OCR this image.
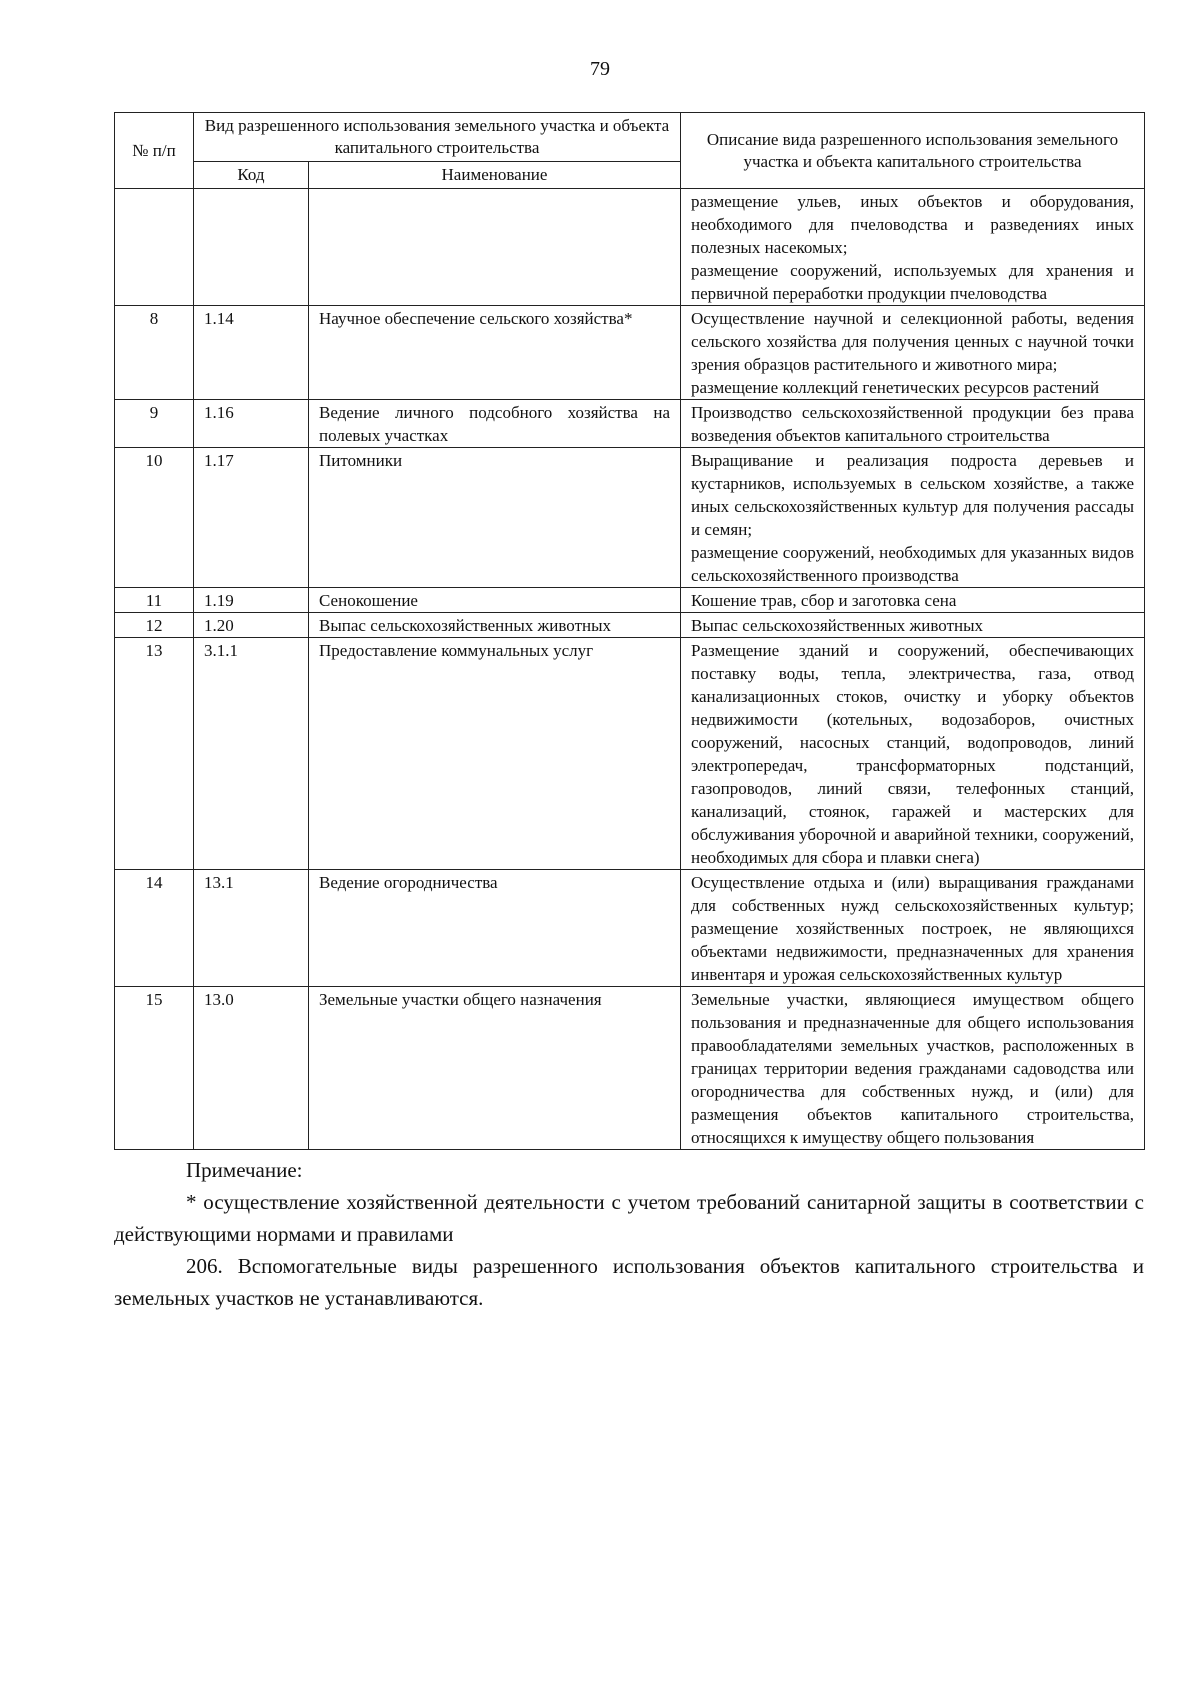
79
№ п/п	Вид разрешенного использования земельного участка и объекта капитального строительства		Описание вида разрешенного использования земельного участка и объекта капитального строительства
	Код	Наименование	

			размещение ульев, иных объектов и оборудования, необходимого для пчеловодства и разведениях иных полезных насекомых;
размещение сооружений, используемых для хранения и первичной переработки продукции пчеловодства

8	1.14	Научное обеспечение сельского хозяйства*	Осуществление научной и селекционной работы, ведения сельского хозяйства для получения ценных с научной точки зрения образцов растительного и животного мира;
размещение коллекций генетических ресурсов растений

9	1.16	Ведение личного подсобного хозяйства на полевых участках	Производство сельскохозяйственной продукции без права возведения объектов капитального строительства

10	1.17	Питомники	Выращивание и реализация подроста деревьев и кустарников, используемых в сельском хозяйстве, а также иных сельскохозяйственных культур для получения рассады и семян;
размещение сооружений, необходимых для указанных видов сельскохозяйственного производства

11	1.19	Сенокошение	Кошение трав, сбор и заготовка сена

12	1.20	Выпас сельскохозяйственных животных	Выпас сельскохозяйственных животных

13	3.1.1	Предоставление коммунальных услуг	Размещение зданий и сооружений, обеспечивающих поставку воды, тепла, электричества, газа, отвод канализационных стоков, очистку и уборку объектов недвижимости (котельных, водозаборов, очистных сооружений, насосных станций, водопроводов, линий электропередач, трансформаторных подстанций, газопроводов, линий связи, телефонных станций, канализаций, стоянок, гаражей и мастерских для обслуживания уборочной и аварийной техники, сооружений, необходимых для сбора и плавки снега)

14	13.1	Ведение огородничества	Осуществление отдыха и (или) выращивания гражданами для собственных нужд сельскохозяйственных культур; размещение хозяйственных построек, не являющихся объектами недвижимости, предназначенных для хранения инвентаря и урожая сельскохозяйственных культур

15	13.0	Земельные участки общего назначения	Земельные участки, являющиеся имуществом общего пользования и предназначенные для общего использования правообладателями земельных участков, расположенных в границах территории ведения гражданами садоводства или огородничества для собственных нужд, и (или) для размещения объектов капитального строительства, относящихся к имуществу общего пользования

Примечание:

* осуществление хозяйственной деятельности с учетом требований санитарной защиты в соответствии с действующими нормами и правилами

206. Вспомогательные виды разрешенного использования объектов капитального строительства и земельных участков не устанавливаются.
